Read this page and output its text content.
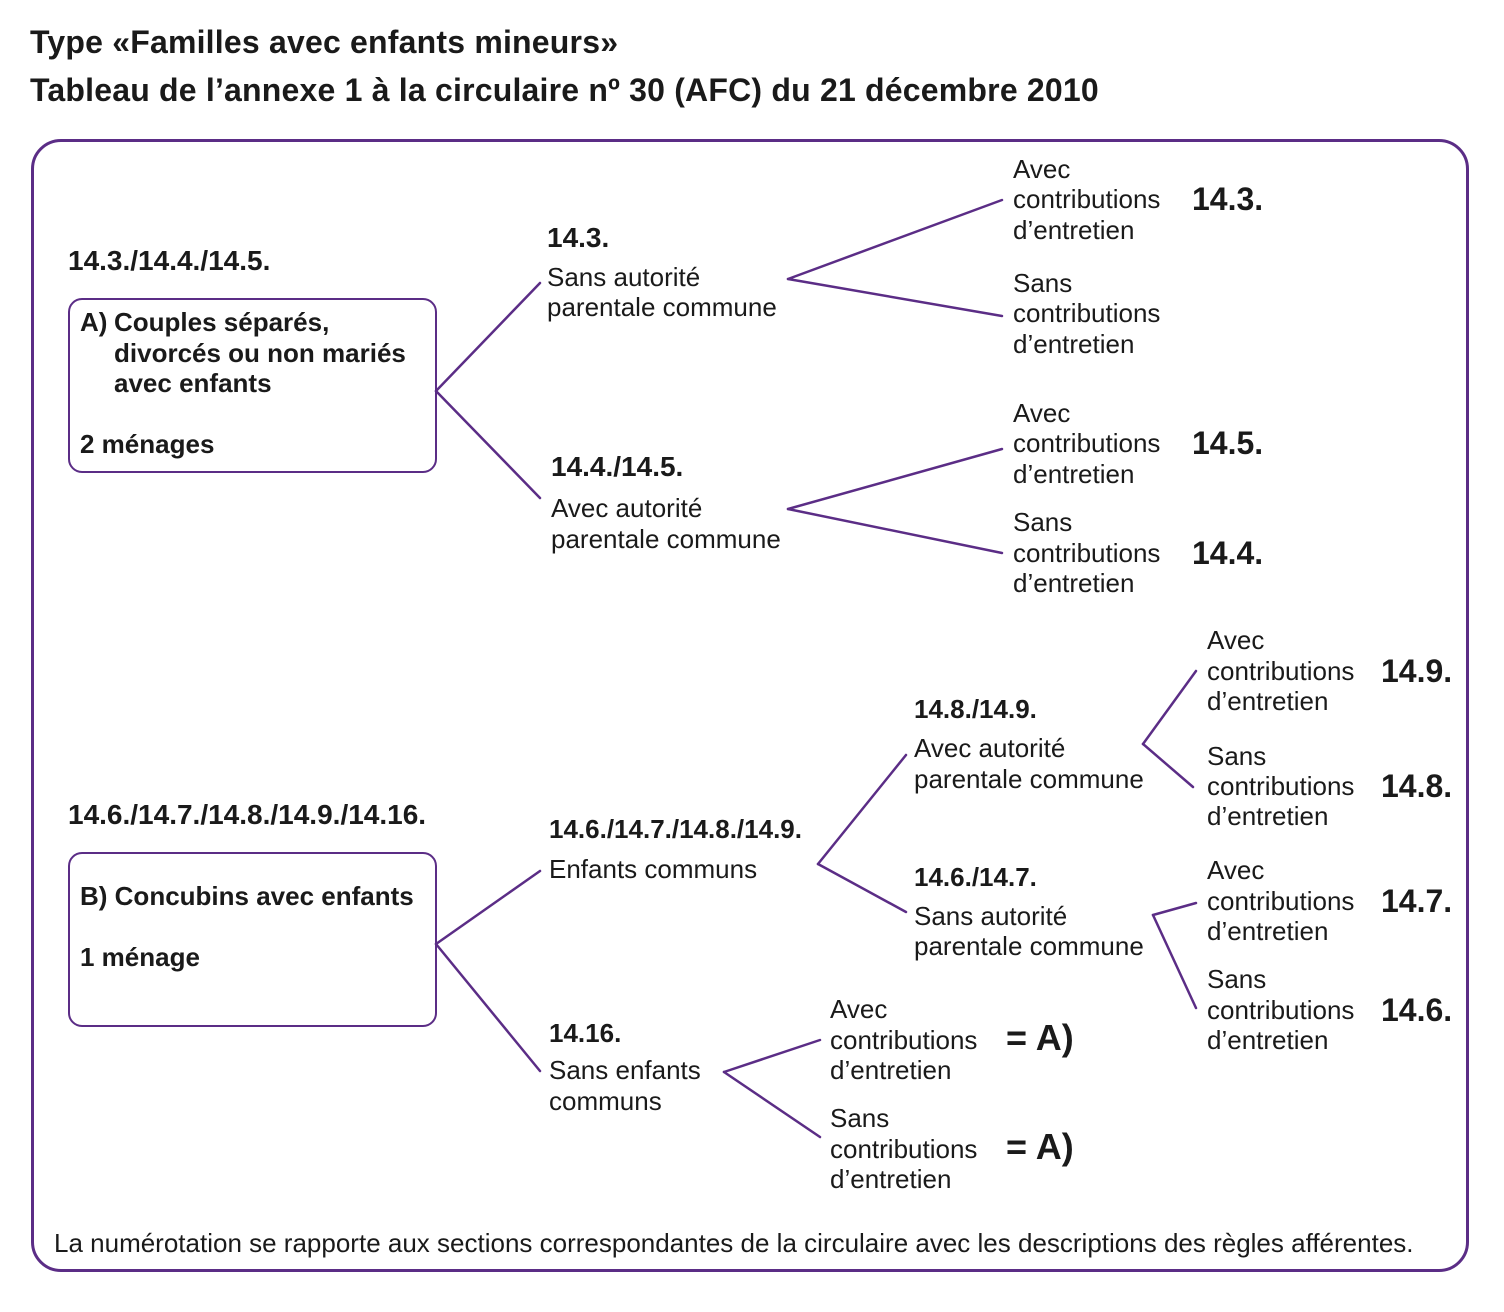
Type «Familles avec enfants mineurs»
Tableau de l’annexe 1 à la circulaire nº 30 (AFC) du 21 décembre 2010
14.3./14.4./14.5.
A) Couples séparés,
divorcés ou non mariés
avec enfants
2 ménages
14.3.
Sans autorité
parentale commune
14.4./14.5.
Avec autorité
parentale commune
Avec
contributions
d’entretien
14.3.
Sans
contributions
d’entretien
Avec
contributions
d’entretien
14.5.
Sans
contributions
d’entretien
14.4.
14.6./14.7./14.8./14.9./14.16.
B) Concubins avec enfants
1 ménage
14.6./14.7./14.8./14.9.
Enfants communs
14.16.
Sans enfants
communs
14.8./14.9.
Avec autorité
parentale commune
14.6./14.7.
Sans autorité
parentale commune
Avec
contributions
d’entretien
14.9.
Sans
contributions
d’entretien
14.8.
Avec
contributions
d’entretien
14.7.
Sans
contributions
d’entretien
14.6.
Avec
contributions
d’entretien
= A)
Sans
contributions
d’entretien
= A)
La numérotation se rapporte aux sections correspondantes de la circulaire avec les descriptions des règles afférentes.
